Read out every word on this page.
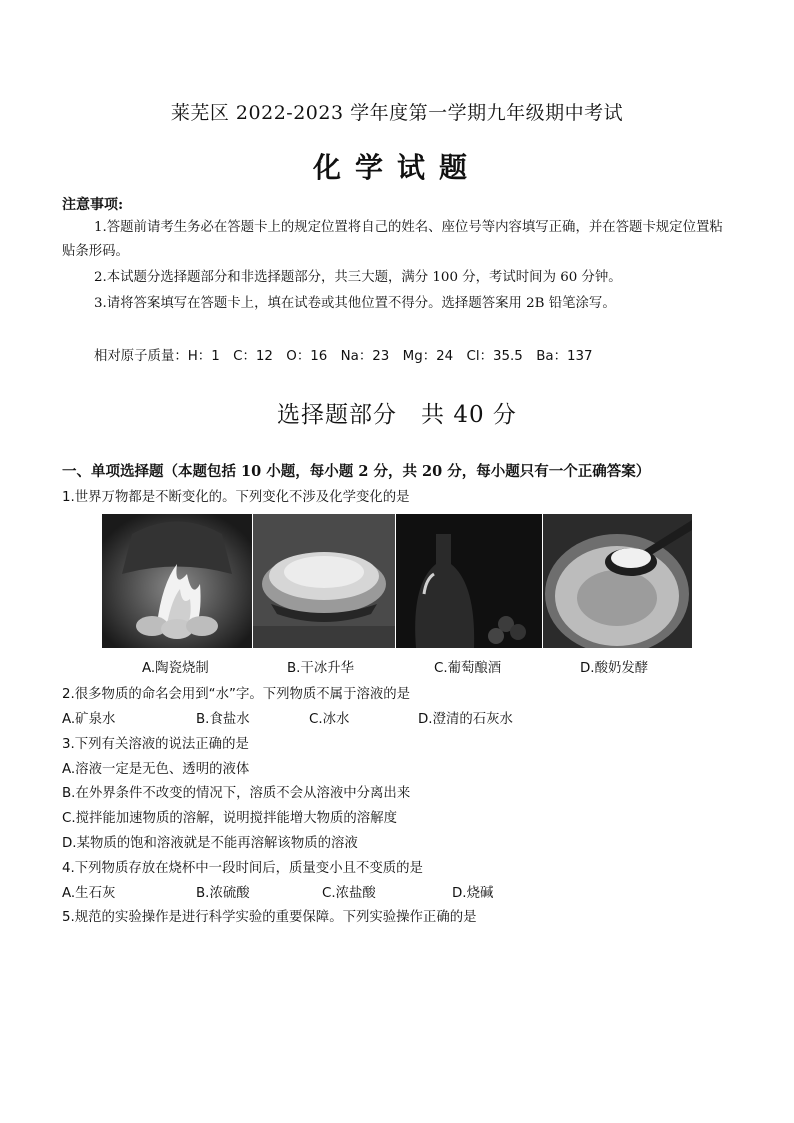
莱芜区 2022-2023 学年度第一学期九年级期中考试
化学试题
注意事项:
1.答题前请考生务必在答题卡上的规定位置将自己的姓名、座位号等内容填写正确，并在答题卡规定位置粘贴条形码。
2.本试题分选择题部分和非选择题部分，共三大题，满分 100 分，考试时间为 60 分钟。
3.请将答案填写在答题卡上，填在试卷或其他位置不得分。选择题答案用 2B 铅笔涂写。
相对原子质量：H：1　C：12　O：16　Na：23　Mg：24　Cl：35.5　Ba：137
选择题部分　共 40 分
一、单项选择题（本题包括 10 小题，每小题 2 分，共 20 分，每小题只有一个正确答案）
1.世界万物都是不断变化的。下列变化不涉及化学变化的是
A.陶瓷烧制	B.干冰升华	C.葡萄酿酒	D.酸奶发酵
2.很多物质的命名会用到“水”字。下列物质不属于溶液的是
A.矿泉水	B.食盐水	C.冰水	D.澄清的石灰水
3.下列有关溶液的说法正确的是
A.溶液一定是无色、透明的液体
B.在外界条件不改变的情况下，溶质不会从溶液中分离出来
C.搅拌能加速物质的溶解，说明搅拌能增大物质的溶解度
D.某物质的饱和溶液就是不能再溶解该物质的溶液
4.下列物质存放在烧杯中一段时间后，质量变小且不变质的是
A.生石灰	B.浓硫酸	C.浓盐酸	D.烧碱
5.规范的实验操作是进行科学实验的重要保障。下列实验操作正确的是
